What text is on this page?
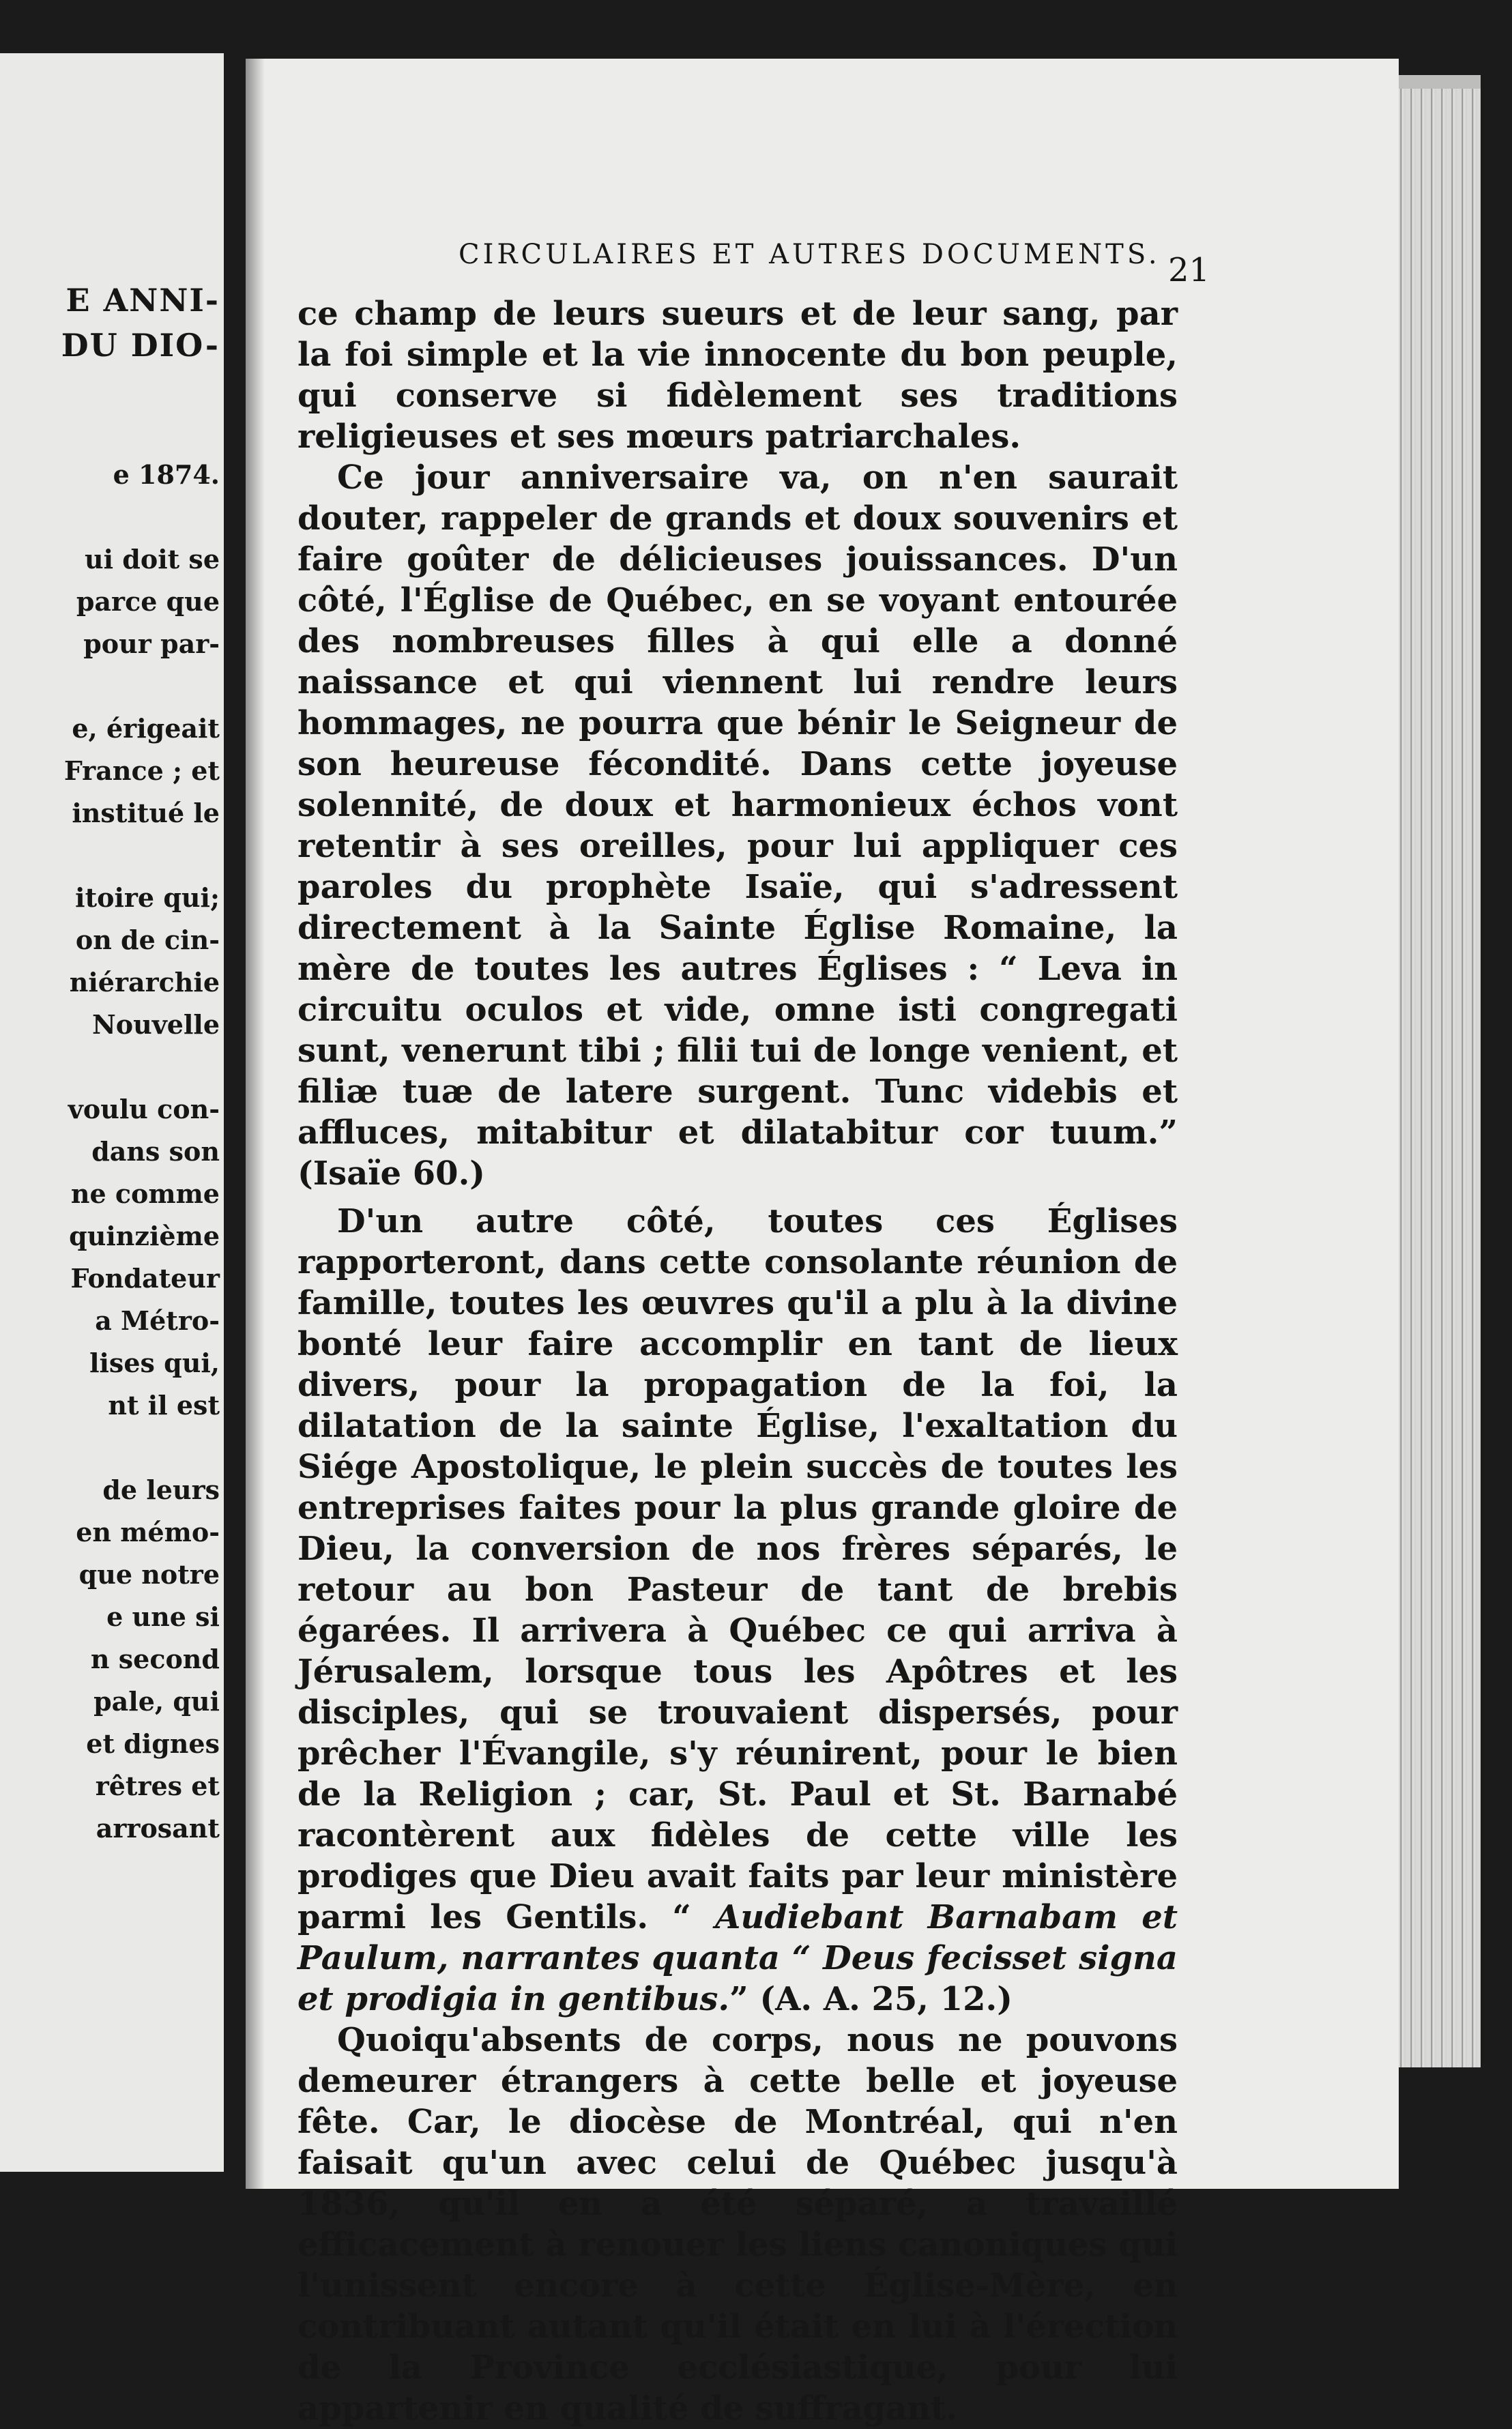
E ANNI-
DU DIO-
e 1874.
ui doit se
parce que
pour par-
e, érigeait
France ; et
institué le
itoire qui;
on de cin-
niérarchie
Nouvelle
voulu con-
dans son
ne comme
quinzième
Fondateur
a Métro-
lises qui,
nt il est
de leurs
en mémo-
que notre
e une si
n second
pale, qui
et dignes
rêtres et
arrosant
CIRCULAIRES ET AUTRES DOCUMENTS. 21

ce champ de leurs sueurs et de leur sang, par la foi simple et la vie innocente du bon peuple, qui conserve si fidèlement ses traditions religieuses et ses mœurs patriarchales.

Ce jour anniversaire va, on n'en saurait douter, rappeler de grands et doux souvenirs et faire goûter de délicieuses jouissances. D'un côté, l'Église de Québec, en se voyant entourée des nombreuses filles à qui elle a donné naissance et qui viennent lui rendre leurs hommages, ne pourra que bénir le Seigneur de son heureuse fécondité. Dans cette joyeuse solennité, de doux et harmonieux échos vont retentir à ses oreilles, pour lui appliquer ces paroles du prophète Isaïe, qui s'adressent directement à la Sainte Église Romaine, la mère de toutes les autres Églises : “ Leva in circuitu oculos et vide, omne isti congregati sunt, venerunt tibi ; filii tui de longe venient, et filiæ tuæ de latere surgent. Tunc videbis et affluces, mitabitur et dilatabitur cor tuum.” (Isaïe 60.)

D'un autre côté, toutes ces Églises rapporteront, dans cette consolante réunion de famille, toutes les œuvres qu'il a plu à la divine bonté leur faire accomplir en tant de lieux divers, pour la propagation de la foi, la dilatation de la sainte Église, l'exaltation du Siége Apostolique, le plein succès de toutes les entreprises faites pour la plus grande gloire de Dieu, la conversion de nos frères séparés, le retour au bon Pasteur de tant de brebis égarées. Il arrivera à Québec ce qui arriva à Jérusalem, lorsque tous les Apôtres et les disciples, qui se trouvaient dispersés, pour prêcher l'Évangile, s'y réunirent, pour le bien de la Religion ; car, St. Paul et St. Barnabé racontèrent aux fidèles de cette ville les prodiges que Dieu avait faits par leur ministère parmi les Gentils. “ Audiebant Barnabam et Paulum, narrantes quanta “ Deus fecisset signa et prodigia in gentibus.” (A. A. 25, 12.)

Quoiqu'absents de corps, nous ne pouvons demeurer étrangers à cette belle et joyeuse fête. Car, le diocèse de Montréal, qui n'en faisait qu'un avec celui de Québec jusqu'à 1836, qu'il en a été séparé, a travaillé efficacement à renouer les liens canoniques qui l'unissent encore à cette Église-Mère, en contribuant autant qu'il était en lui à l'érection de la Province ecclésiastique, pour lui appartenir en qualité de suffragant.
